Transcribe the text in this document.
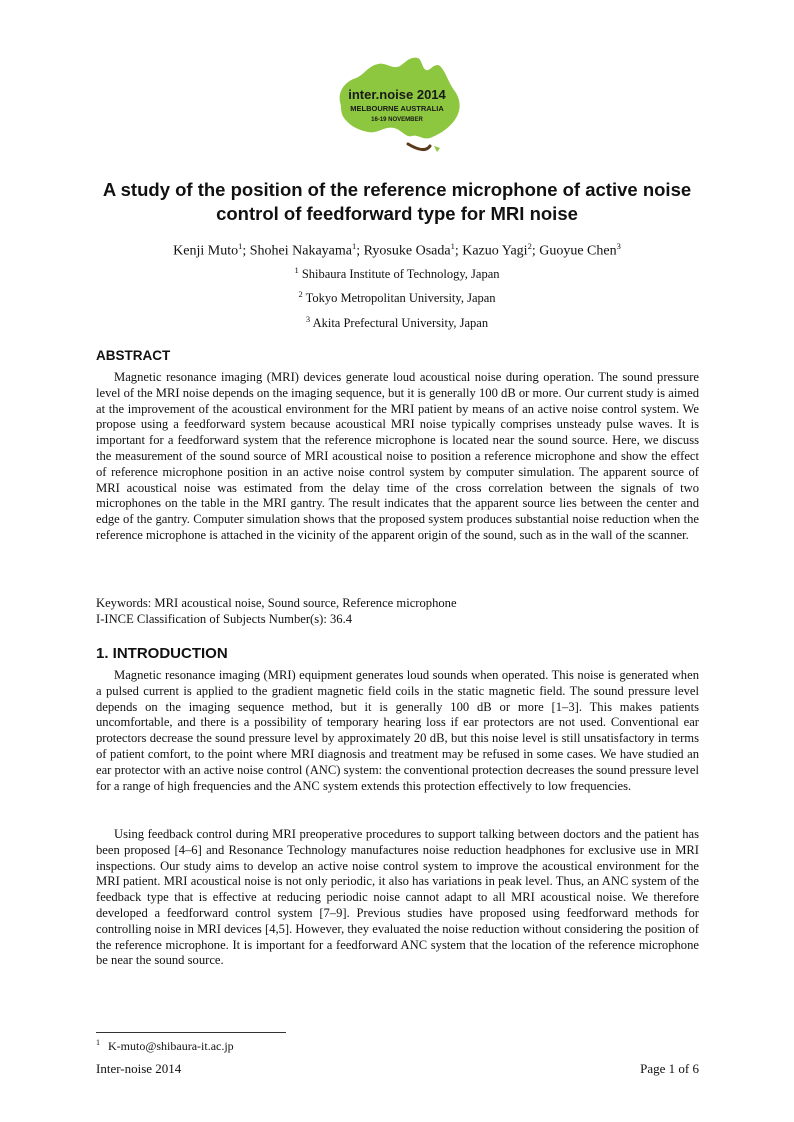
inter.noise 2014
MELBOURNE AUSTRALIA
16-19 NOVEMBER
A study of the position of the reference microphone of active noise
control of feedforward type for MRI noise
Kenji Muto$^1$; Shohei Nakayama$^1$; Ryosuke Osada$^1$; Kazuo Yagi$^2$; Guoyue Chen$^3$
$^1$ Shibaura Institute of Technology, Japan
$^2$ Tokyo Metropolitan University, Japan
$^3$ Akita Prefectural University, Japan
ABSTRACT

Magnetic resonance imaging (MRI) devices generate loud acoustical noise during operation. The sound pressure level of the MRI noise depends on the imaging sequence, but it is generally 100 dB or more. Our current study is aimed at the improvement of the acoustical environment for the MRI patient by means of an active noise control system. We propose using a feedforward system because acoustical MRI noise typically comprises unsteady pulse waves. It is important for a feedforward system that the reference microphone is located near the sound source. Here, we discuss the measurement of the sound source of MRI acoustical noise to position a reference microphone and show the effect of reference microphone position in an active noise control system by computer simulation. The apparent source of MRI acoustical noise was estimated from the delay time of the cross correlation between the signals of two microphones on the table in the MRI gantry. The result indicates that the apparent source lies between the center and edge of the gantry. Computer simulation shows that the proposed system produces substantial noise reduction when the reference microphone is attached in the vicinity of the apparent origin of the sound, such as in the wall of the scanner.

Keywords: MRI acoustical noise, Sound source, Reference microphone

I-INCE Classification of Subjects Number(s): 36.4

1. INTRODUCTION

Magnetic resonance imaging (MRI) equipment generates loud sounds when operated. This noise is generated when a pulsed current is applied to the gradient magnetic field coils in the static magnetic field. The sound pressure level depends on the imaging sequence method, but it is generally 100 dB or more [1–3]. This makes patients uncomfortable, and there is a possibility of temporary hearing loss if ear protectors are not used. Conventional ear protectors decrease the sound pressure level by approximately 20 dB, but this noise level is still unsatisfactory in terms of patient comfort, to the point where MRI diagnosis and treatment may be refused in some cases. We have studied an ear protector with an active noise control (ANC) system: the conventional protection decreases the sound pressure level for a range of high frequencies and the ANC system extends this protection effectively to low frequencies.

Using feedback control during MRI preoperative procedures to support talking between doctors and the patient has been proposed [4–6] and Resonance Technology manufactures noise reduction headphones for exclusive use in MRI inspections. Our study aims to develop an active noise control system to improve the acoustical environment for the MRI patient. MRI acoustical noise is not only periodic, it also has variations in peak level. Thus, an ANC system of the feedback type that is effective at reducing periodic noise cannot adapt to all MRI acoustical noise. We therefore developed a feedforward control system [7–9]. Previous studies have proposed using feedforward methods for controlling noise in MRI devices [4,5]. However, they evaluated the noise reduction without considering the position of the reference microphone. It is important for a feedforward ANC system that the location of the reference microphone be near the sound source.

$^1$ K-muto@shibaura-it.ac.jp
Inter-noise 2014	Page 1 of 6
